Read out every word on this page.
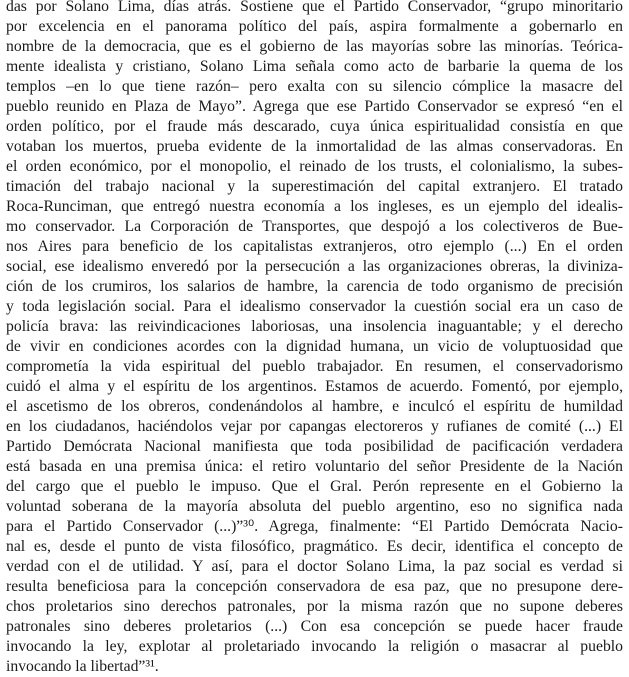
das por Solano Lima, días atrás. Sostiene que el Partido Conservador, “grupo minoritario
por excelencia en el panorama político del país, aspira formalmente a gobernarlo en
nombre de la democracia, que es el gobierno de las mayorías sobre las minorías. Teórica-
mente idealista y cristiano, Solano Lima señala como acto de barbarie la quema de los
templos –en lo que tiene razón– pero exalta con su silencio cómplice la masacre del
pueblo reunido en Plaza de Mayo”. Agrega que ese Partido Conservador se expresó “en el
orden político, por el fraude más descarado, cuya única espiritualidad consistía en que
votaban los muertos, prueba evidente de la inmortalidad de las almas conservadoras. En
el orden económico, por el monopolio, el reinado de los trusts, el colonialismo, la subes-
timación del trabajo nacional y la superestimación del capital extranjero. El tratado
Roca-Runciman, que entregó nuestra economía a los ingleses, es un ejemplo del idealis-
mo conservador. La Corporación de Transportes, que despojó a los colectiveros de Bue-
nos Aires para beneficio de los capitalistas extranjeros, otro ejemplo (...) En el orden
social, ese idealismo enveredó por la persecución a las organizaciones obreras, la diviniza-
ción de los crumiros, los salarios de hambre, la carencia de todo organismo de precisión
y toda legislación social. Para el idealismo conservador la cuestión social era un caso de
policía brava: las reivindicaciones laboriosas, una insolencia inaguantable; y el derecho
de vivir en condiciones acordes con la dignidad humana, un vicio de voluptuosidad que
comprometía la vida espiritual del pueblo trabajador. En resumen, el conservadorismo
cuidó el alma y el espíritu de los argentinos. Estamos de acuerdo. Fomentó, por ejemplo,
el ascetismo de los obreros, condenándolos al hambre, e inculcó el espíritu de humildad
en los ciudadanos, haciéndolos vejar por capangas electoreros y rufianes de comité (...) El
Partido Demócrata Nacional manifiesta que toda posibilidad de pacificación verdadera
está basada en una premisa única: el retiro voluntario del señor Presidente de la Nación
del cargo que el pueblo le impuso. Que el Gral. Perón represente en el Gobierno la
voluntad soberana de la mayoría absoluta del pueblo argentino, eso no significa nada
para el Partido Conservador (...)”³⁰. Agrega, finalmente: “El Partido Demócrata Nacio-
nal es, desde el punto de vista filosófico, pragmático. Es decir, identifica el concepto de
verdad con el de utilidad. Y así, para el doctor Solano Lima, la paz social es verdad si
resulta beneficiosa para la concepción conservadora de esa paz, que no presupone dere-
chos proletarios sino derechos patronales, por la misma razón que no supone deberes
patronales sino deberes proletarios (...) Con esa concepción se puede hacer fraude
invocando la ley, explotar al proletariado invocando la religión o masacrar al pueblo
invocando la libertad”³¹.
